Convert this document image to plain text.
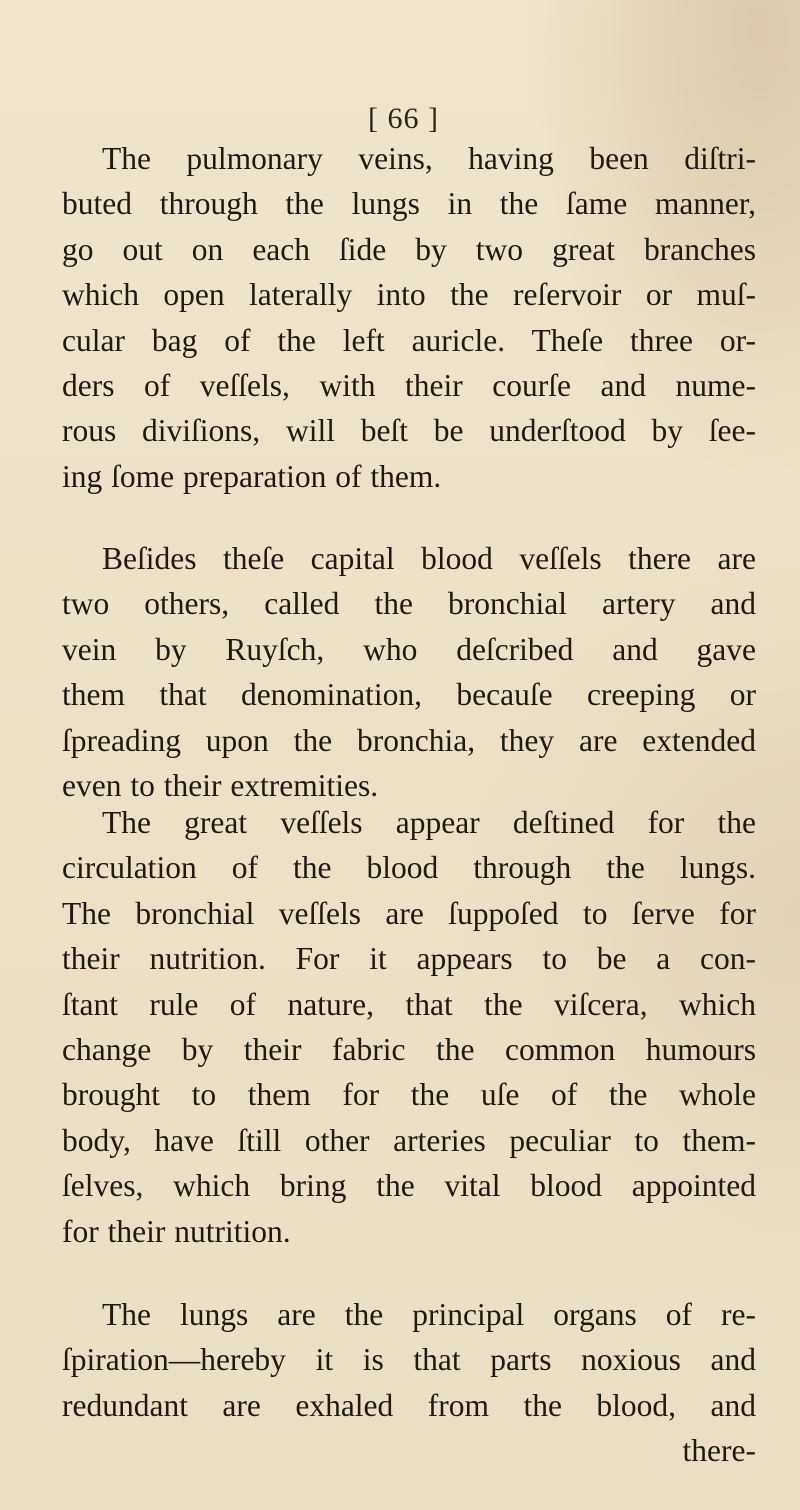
[ 66 ]
The pulmonary veins, having been diſtri-
buted through the lungs in the ſame manner,
go out on each ſide by two great branches
which open laterally into the reſervoir or muſ-
cular bag of the left auricle. Theſe three or-
ders of veſſels, with their courſe and nume-
rous diviſions, will beſt be underſtood by ſee-
ing ſome preparation of them.
Beſides theſe capital blood veſſels there are
two others, called the bronchial artery and
vein by Ruyſch, who deſcribed and gave
them that denomination, becauſe creeping or
ſpreading upon the bronchia, they are extended
even to their extremities.
The great veſſels appear deſtined for the
circulation of the blood through the lungs.
The bronchial veſſels are ſuppoſed to ſerve for
their nutrition. For it appears to be a con-
ſtant rule of nature, that the viſcera, which
change by their fabric the common humours
brought to them for the uſe of the whole
body, have ſtill other arteries peculiar to them-
ſelves, which bring the vital blood appointed
for their nutrition.
The lungs are the principal organs of re-
ſpiration—hereby it is that parts noxious and
redundant are exhaled from the blood, and
there-
